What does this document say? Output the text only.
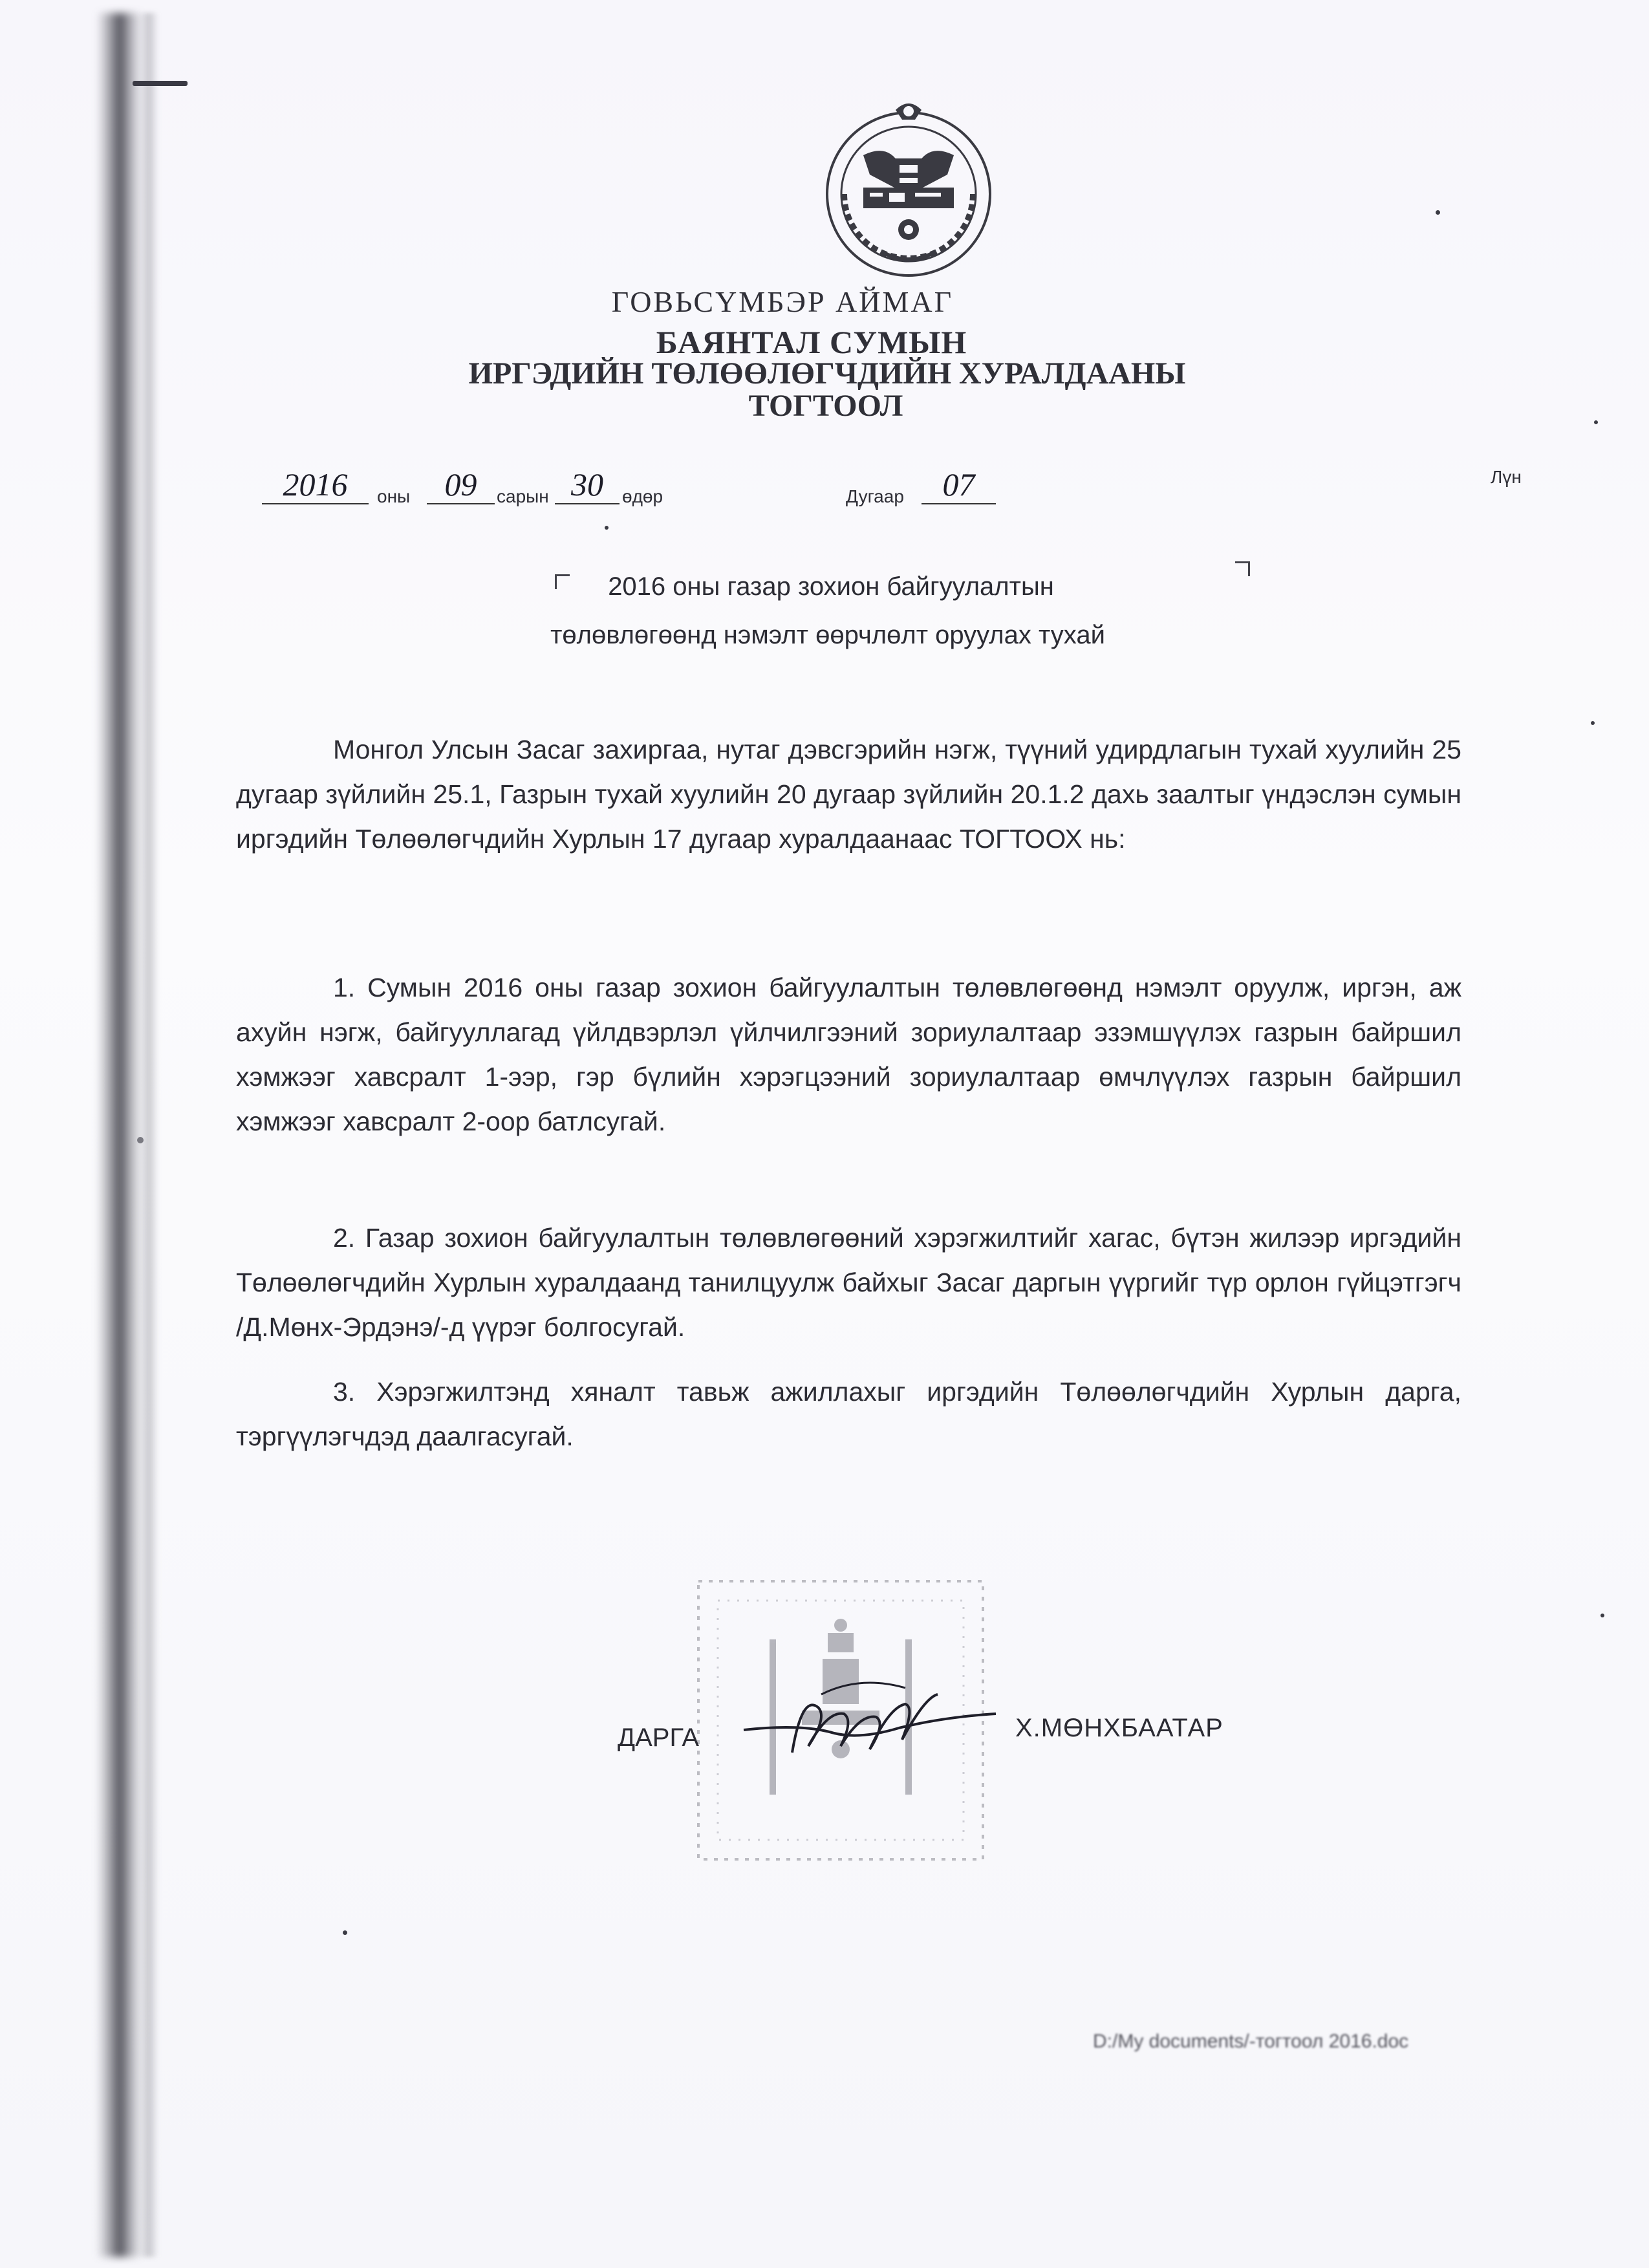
ГОВЬСҮМБЭР АЙМАГ
БАЯНТАЛ СУМЫН
ИРГЭДИЙН ТӨЛӨӨЛӨГЧДИЙН ХУРАЛДААНЫ
ТОГТООЛ
2016	оны	09	сарын 30	өдөр	Дугаар	07	Лүн
2016 оны газар зохион байгуулалтын
төлөвлөгөөнд нэмэлт өөрчлөлт оруулах тухай

Монгол Улсын Засаг захиргаа, нутаг дэвсгэрийн нэгж, түүний удирдлагын тухай хуулийн 25 дугаар зүйлийн 25.1, Газрын тухай хуулийн 20 дугаар зүйлийн 20.1.2 дахь заалтыг үндэслэн сумын иргэдийн Төлөөлөгчдийн Хурлын 17 дугаар хуралдаанаас ТОГТООХ нь:

1. Сумын 2016 оны газар зохион байгуулалтын төлөвлөгөөнд нэмэлт оруулж, иргэн, аж ахуйн нэгж, байгууллагад үйлдвэрлэл үйлчилгээний зориулалтаар эзэмшүүлэх газрын байршил хэмжээг хавсралт 1-ээр, гэр бүлийн хэрэгцээний зориулалтаар өмчлүүлэх газрын байршил хэмжээг хавсралт 2-оор батлсугай.

2. Газар зохион байгуулалтын төлөвлөгөөний хэрэгжилтийг хагас, бүтэн жилээр иргэдийн Төлөөлөгчдийн Хурлын хуралдаанд танилцуулж байхыг Засаг даргын үүргийг түр орлон гүйцэтгэгч /Д.Мөнх-Эрдэнэ/-д үүрэг болгосугай.

3. Хэрэгжилтэнд хяналт тавьж ажиллахыг иргэдийн Төлөөлөгчдийн Хурлын дарга, тэргүүлэгчдэд даалгасугай.

ДАРГА	Х.МӨНХБААТАР
D:/My documents/-тогтоол 2016.doc
